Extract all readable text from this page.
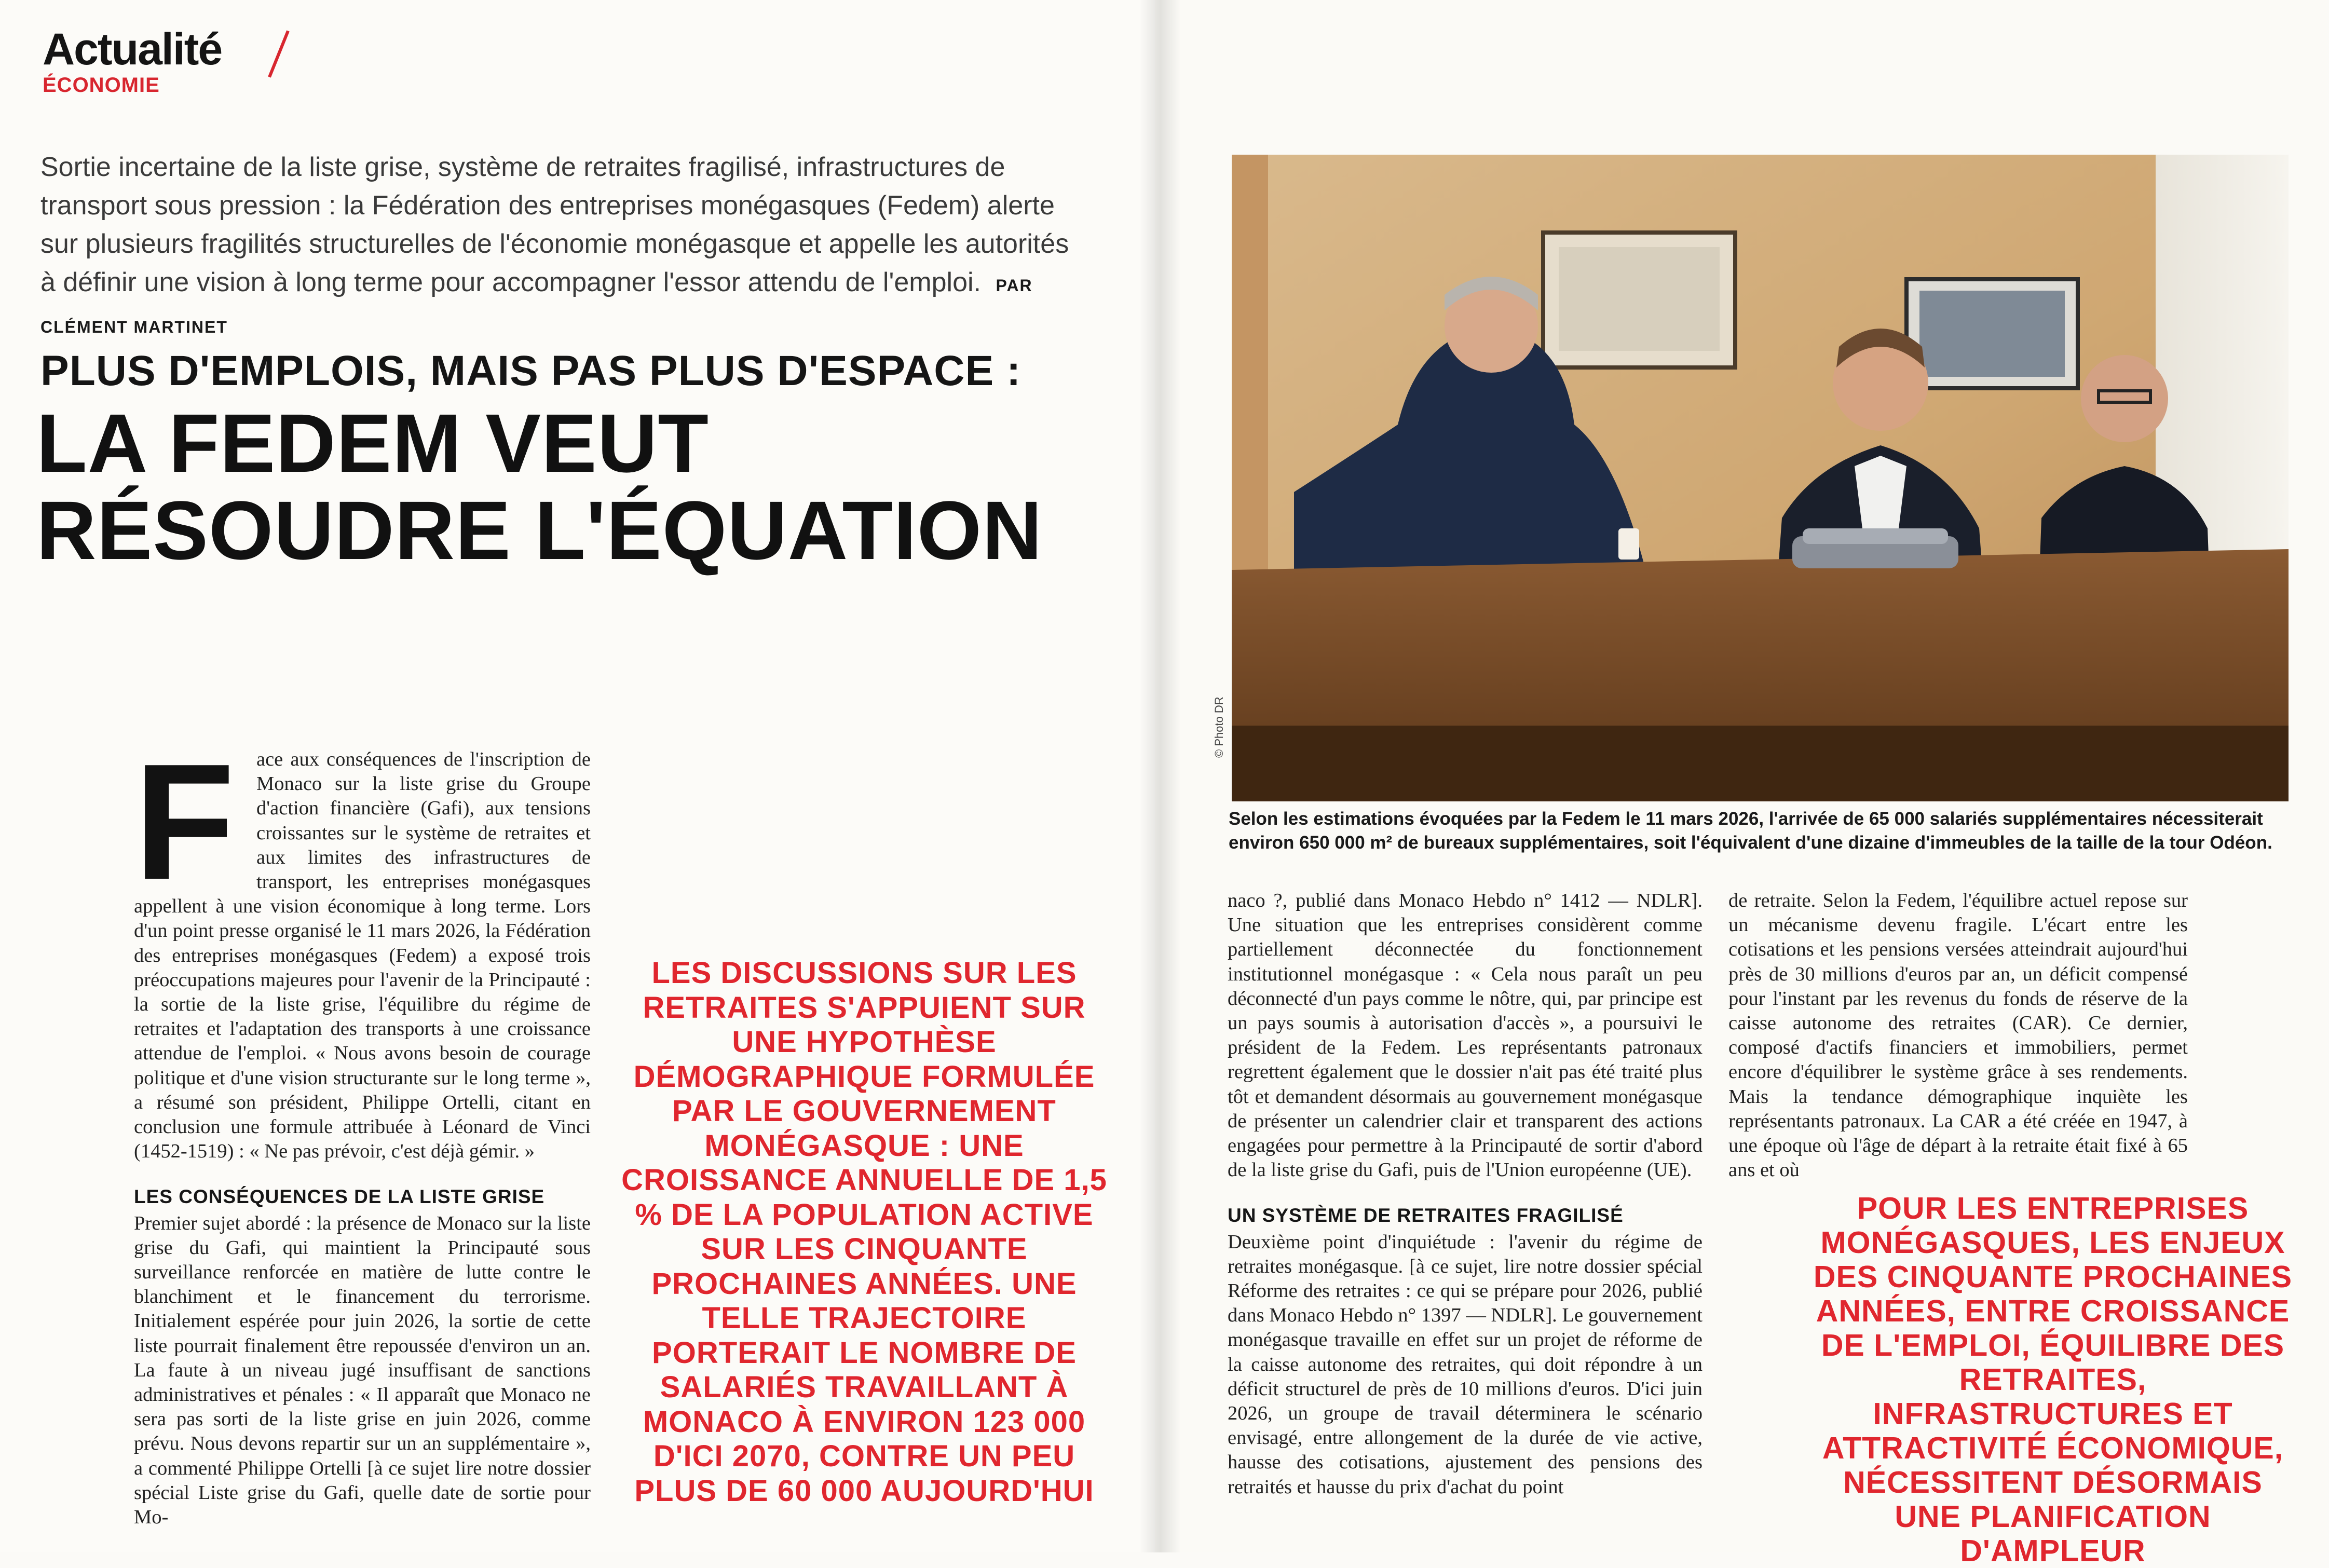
Actualité
ÉCONOMIE
Sortie incertaine de la liste grise, système de retraites fragilisé, infrastructures de transport sous pression : la Fédération des entreprises monégasques (Fedem) alerte sur plusieurs fragilités structurelles de l'économie monégasque et appelle les autorités à définir une vision à long terme pour accompagner l'essor attendu de l'emploi. PAR CLÉMENT MARTINET
PLUS D'EMPLOIS, MAIS PAS PLUS D'ESPACE :
LA FEDEM VEUT
RÉSOUDRE L'ÉQUATION
F	ace aux conséquences de l'inscription de Monaco sur la liste grise du Groupe d'action financière (Gafi), aux tensions croissantes sur le système de retraites et aux limites des infrastructures de transport, les entreprises monégasques appellent à une vision économique à long terme. Lors d'un point presse organisé le 11 mars 2026, la Fédération des entreprises monégasques (Fedem) a exposé trois préoccupations majeures pour l'avenir de la Principauté : la sortie de la liste grise, l'équilibre du régime de retraites et l'adaptation des transports à une croissance attendue de l'emploi. « Nous avons besoin de courage politique et d'une vision structurante sur le long terme », a résumé son président, Philippe Ortelli, citant en conclusion une formule attribuée à Léonard de Vinci (1452-1519) : « Ne pas prévoir, c'est déjà gémir. »

LES CONSÉQUENCES DE LA LISTE GRISE

Premier sujet abordé : la présence de Monaco sur la liste grise du Gafi, qui maintient la Principauté sous surveillance renforcée en matière de lutte contre le blanchiment et le financement du terrorisme. Initialement espérée pour juin 2026, la sortie de cette liste pourrait finalement être repoussée d'environ un an. La faute à un niveau jugé insuffisant de sanctions administratives et pénales : « Il apparaît que Monaco ne sera pas sorti de la liste grise en juin 2026, comme prévu. Nous devons repartir sur un an supplémentaire », a commenté Philippe Ortelli [à ce sujet lire notre dossier spécial Liste grise du Gafi, quelle date de sortie pour Mo-

LES DISCUSSIONS SUR LES RETRAITES S'APPUIENT SUR UNE HYPOTHÈSE DÉMOGRAPHIQUE FORMULÉE PAR LE GOUVERNEMENT MONÉGASQUE : UNE CROISSANCE ANNUELLE DE 1,5 % DE LA POPULATION ACTIVE SUR LES CINQUANTE PROCHAINES ANNÉES. UNE TELLE TRAJECTOIRE PORTERAIT LE NOMBRE DE SALARIÉS TRAVAILLANT À MONACO À ENVIRON 123 000 D'ICI 2070, CONTRE UN PEU PLUS DE 60 000 AUJOURD'HUI
© Photo DR
Selon les estimations évoquées par la Fedem le 11 mars 2026, l'arrivée de 65 000 salariés supplémentaires nécessiterait environ 650 000 m² de bureaux supplémentaires, soit l'équivalent d'une dizaine d'immeubles de la taille de la tour Odéon.

naco ?, publié dans Monaco Hebdo n° 1412 — NDLR]. Une situation que les entreprises considèrent comme partiellement déconnectée du fonctionnement institutionnel monégasque : « Cela nous paraît un peu déconnecté d'un pays comme le nôtre, qui, par principe est un pays soumis à autorisation d'accès », a poursuivi le président de la Fedem. Les représentants patronaux regrettent également que le dossier n'ait pas été traité plus tôt et demandent désormais au gouvernement monégasque de présenter un calendrier clair et transparent des actions engagées pour permettre à la Principauté de sortir d'abord de la liste grise du Gafi, puis de l'Union européenne (UE).

UN SYSTÈME DE RETRAITES FRAGILISÉ

Deuxième point d'inquiétude : l'avenir du régime de retraites monégasque. [à ce sujet, lire notre dossier spécial Réforme des retraites : ce qui se prépare pour 2026, publié dans Monaco Hebdo n° 1397 — NDLR]. Le gouvernement monégasque travaille en effet sur un projet de réforme de la caisse autonome des retraites, qui doit répondre à un déficit structurel de près de 10 millions d'euros. D'ici juin 2026, un groupe de travail déterminera le scénario envisagé, entre allongement de la durée de vie active, hausse des cotisations, ajustement des pensions des retraités et hausse du prix d'achat du point

de retraite. Selon la Fedem, l'équilibre actuel repose sur un mécanisme devenu fragile. L'écart entre les cotisations et les pensions versées atteindrait aujourd'hui près de 30 millions d'euros par an, un déficit compensé pour l'instant par les revenus du fonds de réserve de la caisse autonome des retraites (CAR). Ce dernier, composé d'actifs financiers et immobiliers, permet encore d'équilibrer le système grâce à ses rendements. Mais la tendance démographique inquiète les représentants patronaux. La CAR a été créée en 1947, à une époque où l'âge de départ à la retraite était fixé à 65 ans et où

POUR LES ENTREPRISES MONÉGASQUES, LES ENJEUX DES CINQUANTE PROCHAINES ANNÉES, ENTRE CROISSANCE DE L'EMPLOI, ÉQUILIBRE DES RETRAITES, INFRASTRUCTURES ET ATTRACTIVITÉ ÉCONOMIQUE, NÉCESSITENT DÉSORMAIS UNE PLANIFICATION D'AMPLEUR
